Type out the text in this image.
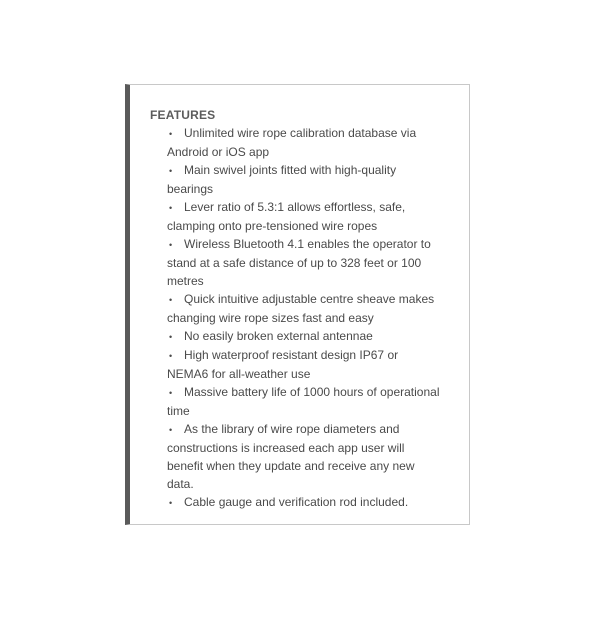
FEATURES
• Unlimited wire rope calibration database via Android or iOS app
• Main swivel joints fitted with high-quality bearings
• Lever ratio of 5.3:1 allows effortless, safe, clamping onto pre-tensioned wire ropes
• Wireless Bluetooth 4.1 enables the operator to stand at a safe distance of up to 328 feet or 100 metres
• Quick intuitive adjustable centre sheave makes changing wire rope sizes fast and easy
• No easily broken external antennae
• High waterproof resistant design IP67 or NEMA6 for all-weather use
• Massive battery life of 1000 hours of operational time
• As the library of wire rope diameters and constructions is increased each app user will benefit when they update and receive any new data.
• Cable gauge and verification rod included.
